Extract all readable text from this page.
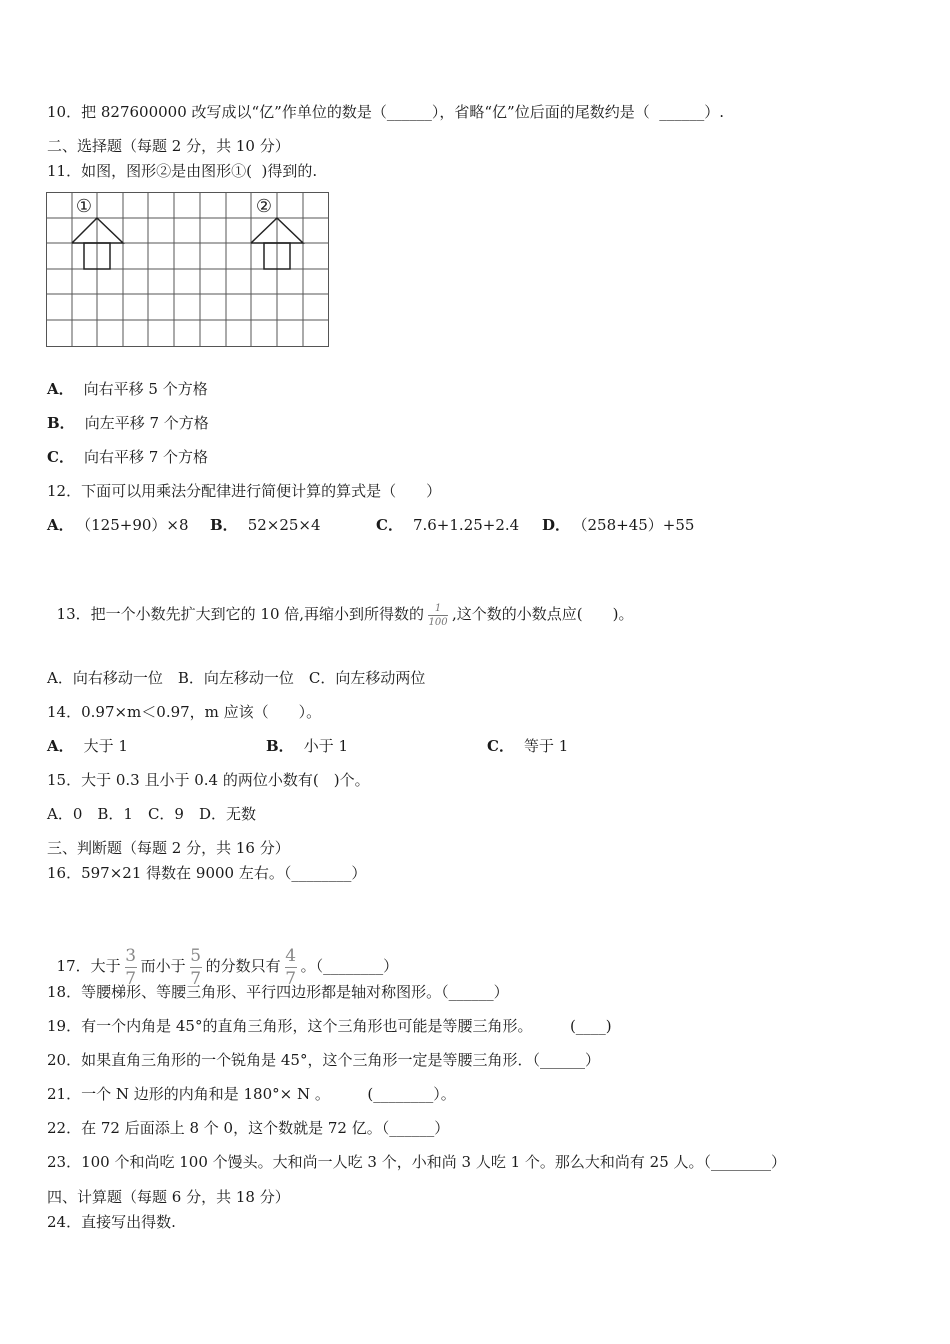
10．把 827600000 改写成以“亿”作单位的数是（______），省略“亿”位后面的尾数约是（  ______）.
二、选择题（每题 2 分，共 10 分）
11．如图，图形②是由图形①(  )得到的.
①	②
A． 向右平移 5 个方格
B． 向左平移 7 个方格
C． 向右平移 7 个方格
12．下面可以用乘法分配律进行简便计算的算式是（　　）
A． （125+90）×8 B． 52×25×4	C． 7.6+1.25+2.4 D． （258+45）+55

13．把一个小数先扩大到它的 10 倍,再缩小到所得数的 $\frac{1}{100}$ ,这个数的小数点应(　　)。

A．向右移动一位　B．向左移动一位　C．向左移动两位
14．0.97×m＜0.97，m 应该（　　）。
A． 大于 1	B． 小于 1	C． 等于 1
15．大于 0.3 且小于 0.4 的两位小数有(　)个。
A．0　B．1　C．9　D．无数
三、判断题（每题 2 分，共 16 分）
16．597×21 得数在 9000 左右。（________）

17．大于 $\frac{3}{7}$ 而小于 $\frac{5}{7}$ 的分数只有 $\frac{4}{7}$ 。（________）

18．等腰梯形、等腰三角形、平行四边形都是轴对称图形。（______）
19．有一个内角是 45°的直角三角形，这个三角形也可能是等腰三角形。　　　(____)
20．如果直角三角形的一个锐角是 45°，这个三角形一定是等腰三角形．（______）
21．一个 N 边形的内角和是 180°× N 。　　　(________）。
22．在 72 后面添上 8 个 0，这个数就是 72 亿。（______）
23．100 个和尚吃 100 个馒头。大和尚一人吃 3 个，小和尚 3 人吃 1 个。那么大和尚有 25 人。（________）
四、计算题（每题 6 分，共 18 分）
24．直接写出得数.
